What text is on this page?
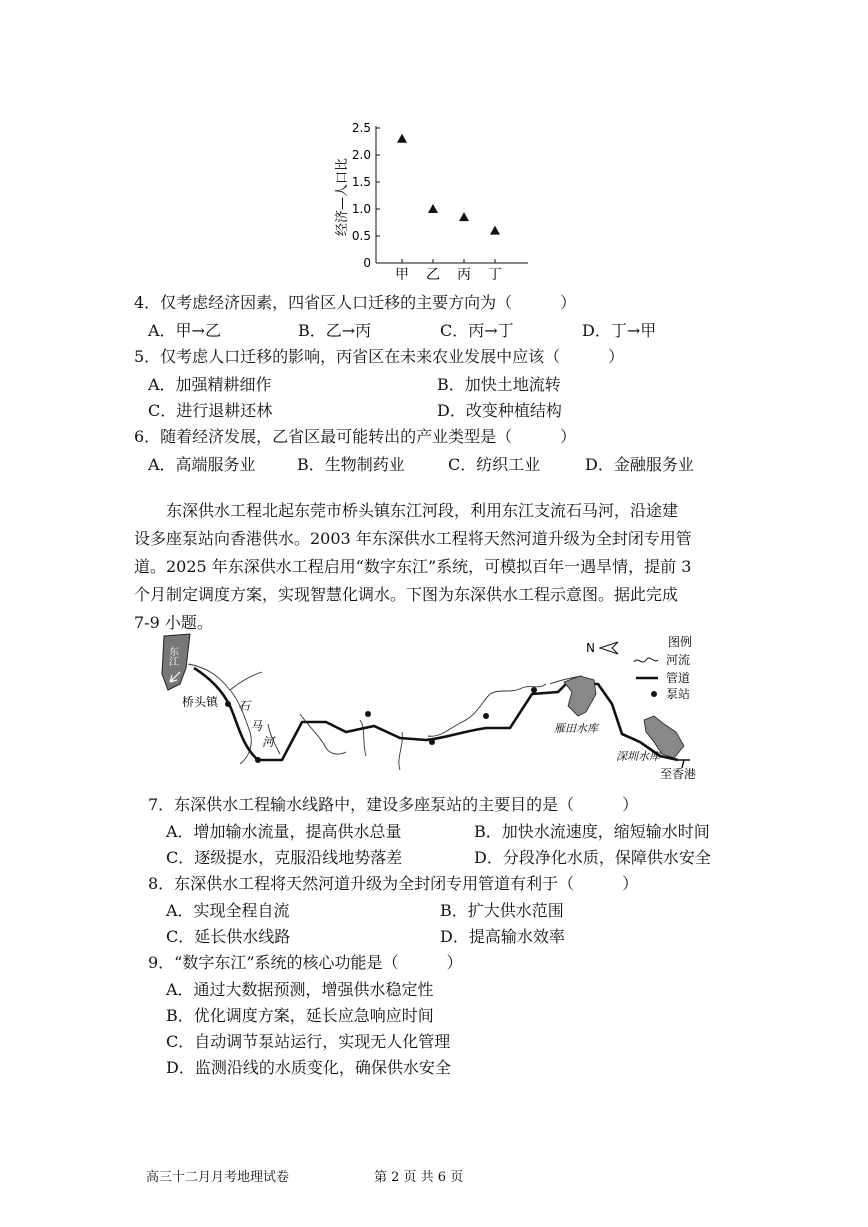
经济—人口比
0
0.5
1.0
1.5
2.0
2.5
甲 乙 丙 丁
4．仅考虑经济因素，四省区人口迁移的主要方向为（　　　）
A．甲→乙	B．乙→丙	C．丙→丁	D．丁→甲
5．仅考虑人口迁移的影响，丙省区在未来农业发展中应该（　　　）
A．加强精耕细作	B．加快土地流转
C．进行退耕还林	D．改变种植结构
6．随着经济发展，乙省区最可能转出的产业类型是（　　　）
A．高端服务业	B．生物制药业	C．纺织工业	D．金融服务业

东深供水工程北起东莞市桥头镇东江河段，利用东江支流石马河，沿途建

设多座泵站向香港供水。2003 年东深供水工程将天然河道升级为全封闭专用管
道。2025 年东深供水工程启用“数字东江”系统，可模拟百年一遇旱情，提前 3
个月制定调度方案，实现智慧化调水。下图为东深供水工程示意图。据此完成
7-9 小题。
东江
桥头镇 石
马
河
雁田水库
深圳水库
至香港
N	图例
河流
管道
泵站
7．东深供水工程输水线路中，建设多座泵站的主要目的是（　　　）
A．增加输水流量，提高供水总量	B．加快水流速度，缩短输水时间
C．逐级提水，克服沿线地势落差	D．分段净化水质，保障供水安全
8．东深供水工程将天然河道升级为全封闭专用管道有利于（　　　）
A．实现全程自流	B．扩大供水范围
C．延长供水线路	D．提高输水效率
9．“数字东江”系统的核心功能是（　　　）
A．通过大数据预测，增强供水稳定性
B．优化调度方案，延长应急响应时间
C．自动调节泵站运行，实现无人化管理
D．监测沿线的水质变化，确保供水安全
高三十二月月考地理试卷	第 2 页 共 6 页
